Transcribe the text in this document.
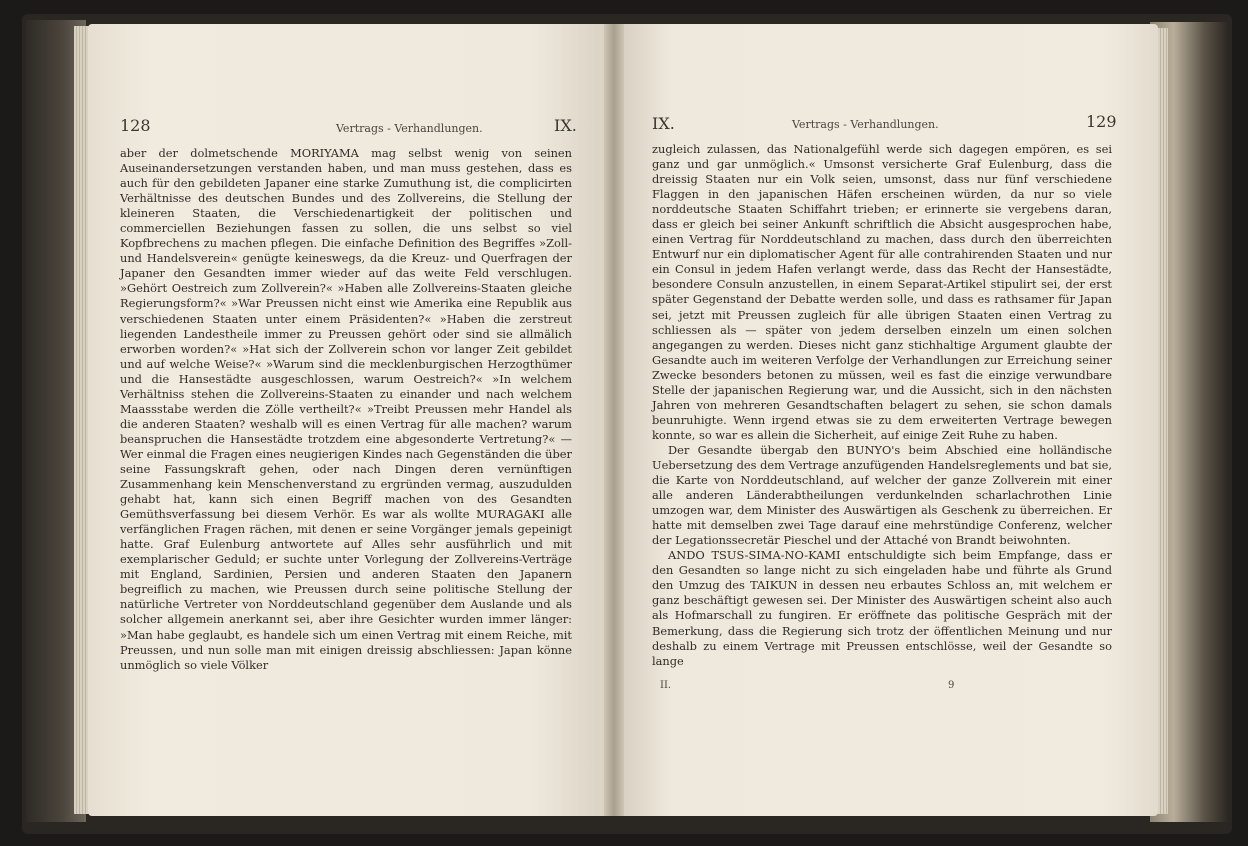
128	Vertrags - Verhandlungen.	IX.

aber der dolmetschende MORIYAMA mag selbst wenig von seinen Auseinandersetzungen verstanden haben, und man muss gestehen, dass es auch für den gebildeten Japaner eine starke Zumuthung ist, die complicirten Verhältnisse des deutschen Bundes und des Zollvereins, die Stellung der kleineren Staaten, die Verschiedenartigkeit der politischen und commerciellen Beziehungen fassen zu sollen, die uns selbst so viel Kopfbrechens zu machen pflegen. Die einfache Definition des Begriffes »Zoll- und Handelsverein« genügte keineswegs, da die Kreuz- und Querfragen der Japaner den Gesandten immer wieder auf das weite Feld verschlugen. »Gehört Oestreich zum Zollverein?« »Haben alle Zollvereins-Staaten gleiche Regierungsform?« »War Preussen nicht einst wie Amerika eine Republik aus verschiedenen Staaten unter einem Präsidenten?« »Haben die zerstreut liegenden Landestheile immer zu Preussen gehört oder sind sie allmälich erworben worden?« »Hat sich der Zollverein schon vor langer Zeit gebildet und auf welche Weise?« »Warum sind die mecklenburgischen Herzogthümer und die Hansestädte ausgeschlossen, warum Oestreich?« »In welchem Verhältniss stehen die Zollvereins-Staaten zu einander und nach welchem Maassstabe werden die Zölle vertheilt?« »Treibt Preussen mehr Handel als die anderen Staaten? weshalb will es einen Vertrag für alle machen? warum beanspruchen die Hansestädte trotzdem eine abgesonderte Vertretung?« — Wer einmal die Fragen eines neugierigen Kindes nach Gegenständen die über seine Fassungskraft gehen, oder nach Dingen deren vernünftigen Zusammenhang kein Menschenverstand zu ergründen vermag, auszudulden gehabt hat, kann sich einen Begriff machen von des Gesandten Gemüthsverfassung bei diesem Verhör. Es war als wollte MURAGAKI alle verfänglichen Fragen rächen, mit denen er seine Vorgänger jemals gepeinigt hatte. Graf Eulenburg antwortete auf Alles sehr ausführlich und mit exemplarischer Geduld; er suchte unter Vorlegung der Zollvereins-Verträge mit England, Sardinien, Persien und anderen Staaten den Japanern begreiflich zu machen, wie Preussen durch seine politische Stellung der natürliche Vertreter von Norddeutschland gegenüber dem Auslande und als solcher allgemein anerkannt sei, aber ihre Gesichter wurden immer länger: »Man habe geglaubt, es handele sich um einen Vertrag mit einem Reiche, mit Preussen, und nun solle man mit einigen dreissig abschliessen: Japan könne unmöglich so viele Völker

IX.	Vertrags - Verhandlungen.	129

zugleich zulassen, das Nationalgefühl werde sich dagegen empören, es sei ganz und gar unmöglich.« Umsonst versicherte Graf Eulenburg, dass die dreissig Staaten nur ein Volk seien, umsonst, dass nur fünf verschiedene Flaggen in den japanischen Häfen erscheinen würden, da nur so viele norddeutsche Staaten Schiffahrt trieben; er erinnerte sie vergebens daran, dass er gleich bei seiner Ankunft schriftlich die Absicht ausgesprochen habe, einen Vertrag für Norddeutschland zu machen, dass durch den überreichten Entwurf nur ein diplomatischer Agent für alle contrahirenden Staaten und nur ein Consul in jedem Hafen verlangt werde, dass das Recht der Hansestädte, besondere Consuln anzustellen, in einem Separat-Artikel stipulirt sei, der erst später Gegenstand der Debatte werden solle, und dass es rathsamer für Japan sei, jetzt mit Preussen zugleich für alle übrigen Staaten einen Vertrag zu schliessen als — später von jedem derselben einzeln um einen solchen angegangen zu werden. Dieses nicht ganz stichhaltige Argument glaubte der Gesandte auch im weiteren Verfolge der Verhandlungen zur Erreichung seiner Zwecke besonders betonen zu müssen, weil es fast die einzige verwundbare Stelle der japanischen Regierung war, und die Aussicht, sich in den nächsten Jahren von mehreren Gesandtschaften belagert zu sehen, sie schon damals beunruhigte. Wenn irgend etwas sie zu dem erweiterten Vertrage bewegen konnte, so war es allein die Sicherheit, auf einige Zeit Ruhe zu haben.

Der Gesandte übergab den BUNYO's beim Abschied eine holländische Uebersetzung des dem Vertrage anzufügenden Handelsreglements und bat sie, die Karte von Norddeutschland, auf welcher der ganze Zollverein mit einer alle anderen Länderabtheilungen verdunkelnden scharlachrothen Linie umzogen war, dem Minister des Auswärtigen als Geschenk zu überreichen. Er hatte mit demselben zwei Tage darauf eine mehrstündige Conferenz, welcher der Legationssecretär Pieschel und der Attaché von Brandt beiwohnten.

ANDO TSUS-SIMA-NO-KAMI entschuldigte sich beim Empfange, dass er den Gesandten so lange nicht zu sich eingeladen habe und führte als Grund den Umzug des TAIKUN in dessen neu erbautes Schloss an, mit welchem er ganz beschäftigt gewesen sei. Der Minister des Auswärtigen scheint also auch als Hofmarschall zu fungiren. Er eröffnete das politische Gespräch mit der Bemerkung, dass die Regierung sich trotz der öffentlichen Meinung und nur deshalb zu einem Vertrage mit Preussen entschlösse, weil der Gesandte so lange

II.	9
